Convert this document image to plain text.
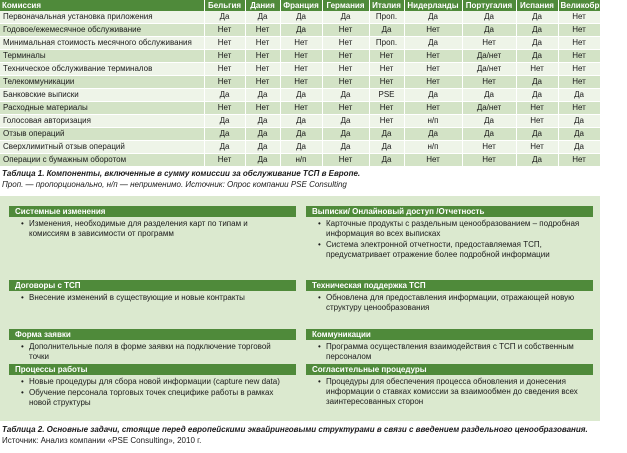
Комиссия	Бельгия	Дания	Франция	Германия	Италия	Нидерланды	Португалия	Испания	Великобритания
Первоначальная установка приложения	Да	Да	Да	Да	Проп.	Да	Да	Да	Нет
Годовое/ежемесячное обслуживание	Нет	Нет	Да	Нет	Да	Нет	Да	Да	Нет
Минимальная стоимость месячного обслуживания	Нет	Нет	Нет	Нет	Проп.	Да	Нет	Да	Нет
Терминалы	Нет	Нет	Нет	Нет	Нет	Нет	Да/нет	Да	Нет
Техническое обслуживание терминалов	Нет	Нет	Нет	Нет	Нет	Нет	Да/нет	Нет	Нет
Телекоммуникации	Нет	Нет	Нет	Нет	Нет	Нет	Нет	Да	Нет
Банковские выписки	Да	Да	Да	Да	PSE	Да	Да	Да	Да
Расходные материалы	Нет	Нет	Нет	Нет	Нет	Нет	Да/нет	Нет	Нет
Голосовая авторизация	Да	Да	Да	Да	Нет	н/п	Да	Нет	Да
Отзыв операций	Да	Да	Да	Да	Да	Да	Да	Да	Да
Сверхлимитный отзыв операций	Да	Да	Да	Да	Да	н/п	Нет	Нет	Да
Операции с бумажным оборотом	Нет	Да	н/п	Нет	Да	Нет	Нет	Да	Нет
Таблица 1. Компоненты, включенные в сумму комиссии за обслуживание ТСП в Европе.
Проп. — пропорционально, н/п — неприменимо. Источник: Опрос компании PSE Consulting
Системные изменения
• Изменения, необходимые для разделения карт по типам и комиссиям в зависимости от программ
Договоры с ТСП
• Внесение изменений в существующие и новые контракты
Форма заявки
• Дополнительные поля в форме заявки на подключение торговой точки
Процессы работы
• Новые процедуры для сбора новой информации (capture new data)
• Обучение персонала торговых точек специфике работы в рамках новой структуры
Выписки/ Онлайновый доступ /Отчетность
• Карточные продукты с раздельным ценообразованием – подробная информация во всех выписках
• Система электронной отчетности, предоставляемая ТСП, предусматривает отражение более подробной информации
Техническая поддержка ТСП
• Обновлена для предоставления информации, отражающей новую структуру ценообразования
Коммуникации
• Программа осуществления взаимодействия с ТСП и собственным персоналом
Согласительные процедуры
• Процедуры для обеспечения процесса обновления и донесения информации о ставках комиссии за взаимообмен до сведения всех заинтересованных сторон
Таблица 2. Основные задачи, стоящие перед европейскими эквайринговыми структурами в связи с введением раздельного ценообразования. Источник: Анализ компании «PSE Consulting», 2010 г.
